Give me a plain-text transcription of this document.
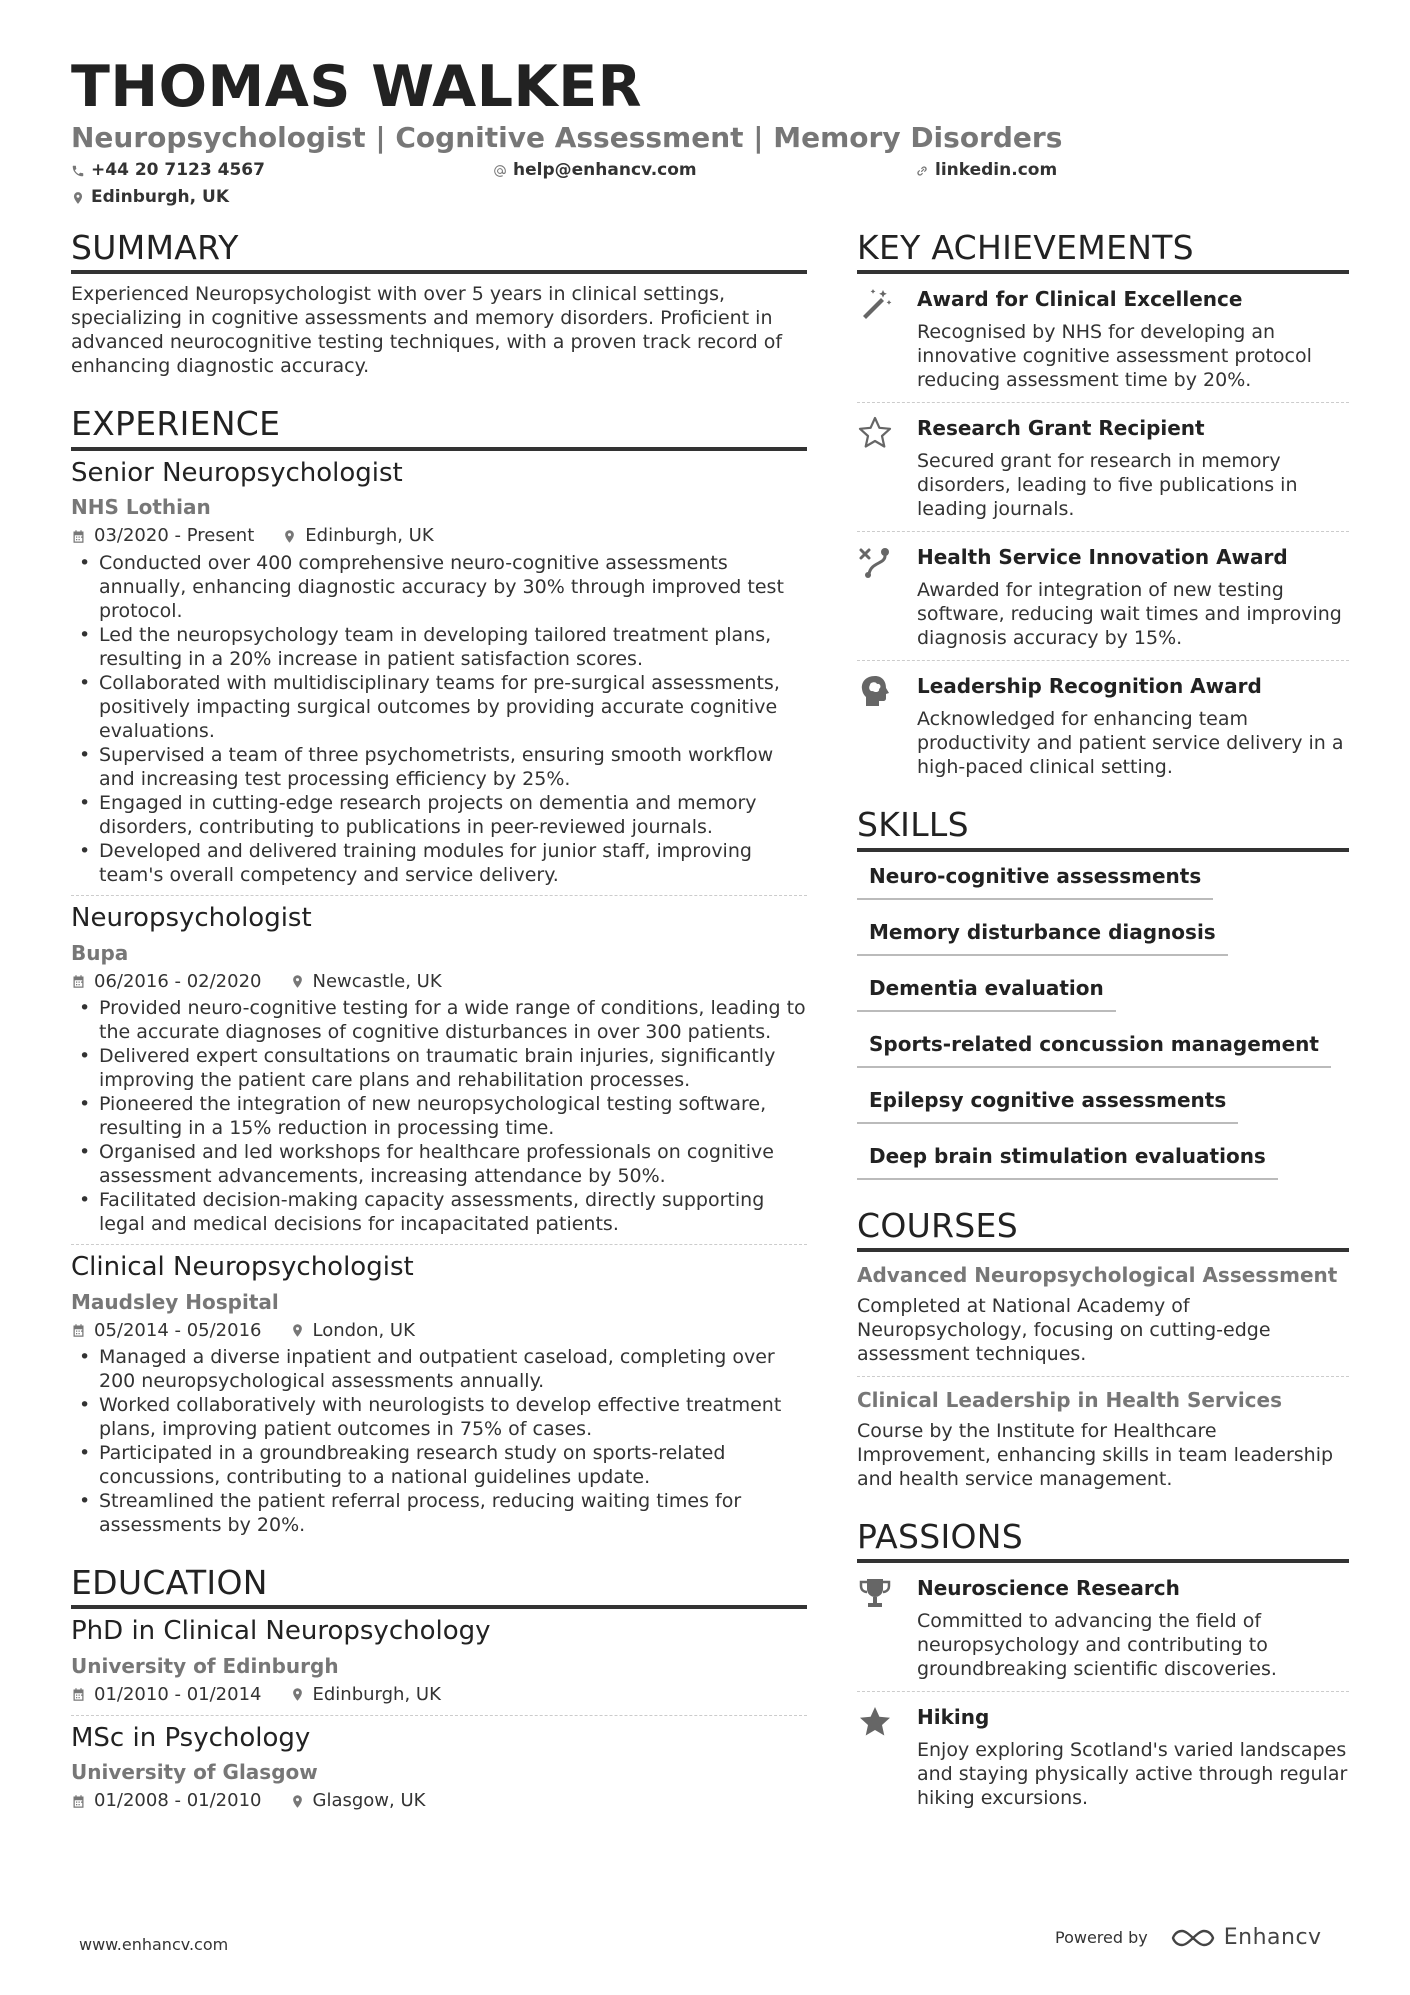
THOMAS WALKER
Neuropsychologist | Cognitive Assessment | Memory Disorders
+44 20 7123 4567	help@enhancv.com	linkedin.com
Edinburgh, UK
SUMMARY
Experienced Neuropsychologist with over 5 years in clinical settings, specializing in cognitive assessments and memory disorders. Proficient in advanced neurocognitive testing techniques, with a proven track record of enhancing diagnostic accuracy.
EXPERIENCE
Senior Neuropsychologist
NHS Lothian
03/2020 - Present	Edinburgh, UK
• Conducted over 400 comprehensive neuro-cognitive assessments annually, enhancing diagnostic accuracy by 30% through improved test protocol.
• Led the neuropsychology team in developing tailored treatment plans, resulting in a 20% increase in patient satisfaction scores.
• Collaborated with multidisciplinary teams for pre-surgical assessments, positively impacting surgical outcomes by providing accurate cognitive evaluations.
• Supervised a team of three psychometrists, ensuring smooth workflow and increasing test processing efficiency by 25%.
• Engaged in cutting-edge research projects on dementia and memory disorders, contributing to publications in peer-reviewed journals.
• Developed and delivered training modules for junior staff, improving team's overall competency and service delivery.
Neuropsychologist
Bupa
06/2016 - 02/2020	Newcastle, UK
• Provided neuro-cognitive testing for a wide range of conditions, leading to the accurate diagnoses of cognitive disturbances in over 300 patients.
• Delivered expert consultations on traumatic brain injuries, significantly improving the patient care plans and rehabilitation processes.
• Pioneered the integration of new neuropsychological testing software, resulting in a 15% reduction in processing time.
• Organised and led workshops for healthcare professionals on cognitive assessment advancements, increasing attendance by 50%.
• Facilitated decision-making capacity assessments, directly supporting legal and medical decisions for incapacitated patients.
Clinical Neuropsychologist
Maudsley Hospital
05/2014 - 05/2016	London, UK
• Managed a diverse inpatient and outpatient caseload, completing over 200 neuropsychological assessments annually.
• Worked collaboratively with neurologists to develop effective treatment plans, improving patient outcomes in 75% of cases.
• Participated in a groundbreaking research study on sports-related concussions, contributing to a national guidelines update.
• Streamlined the patient referral process, reducing waiting times for assessments by 20%.
EDUCATION
PhD in Clinical Neuropsychology
University of Edinburgh
01/2010 - 01/2014	Edinburgh, UK
MSc in Psychology
University of Glasgow
01/2008 - 01/2010	Glasgow, UK
KEY ACHIEVEMENTS
Award for Clinical Excellence
Recognised by NHS for developing an innovative cognitive assessment protocol reducing assessment time by 20%.
Research Grant Recipient
Secured grant for research in memory disorders, leading to five publications in leading journals.
Health Service Innovation Award
Awarded for integration of new testing software, reducing wait times and improving diagnosis accuracy by 15%.
Leadership Recognition Award
Acknowledged for enhancing team productivity and patient service delivery in a high-paced clinical setting.
SKILLS
Neuro-cognitive assessments
Memory disturbance diagnosis
Dementia evaluation
Sports-related concussion management
Epilepsy cognitive assessments
Deep brain stimulation evaluations
COURSES
Advanced Neuropsychological Assessment
Completed at National Academy of Neuropsychology, focusing on cutting-edge assessment techniques.
Clinical Leadership in Health Services
Course by the Institute for Healthcare Improvement, enhancing skills in team leadership and health service management.
PASSIONS
Neuroscience Research
Committed to advancing the field of neuropsychology and contributing to groundbreaking scientific discoveries.
Hiking
Enjoy exploring Scotland's varied landscapes and staying physically active through regular hiking excursions.
www.enhancv.com	Powered by	Enhancv
